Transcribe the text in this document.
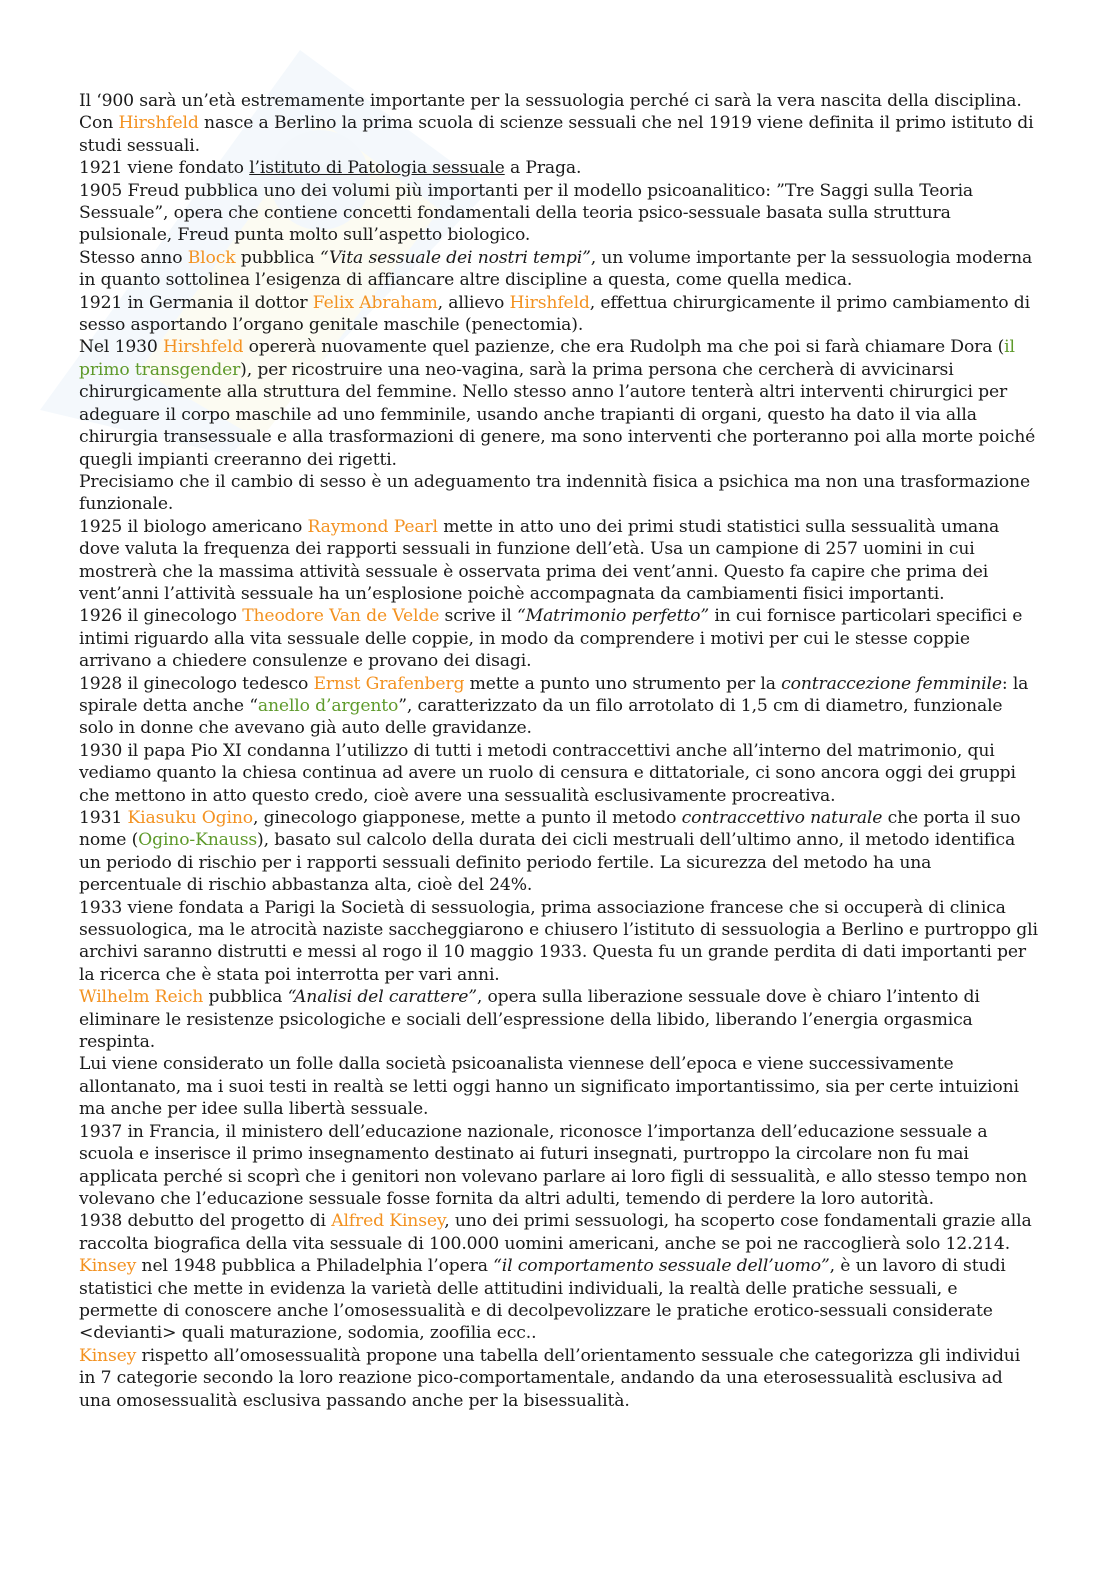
Il ‘900 sarà un’età estremamente importante per la sessuologia perché ci sarà la vera nascita della disciplina.

Con Hirshfeld nasce a Berlino la prima scuola di scienze sessuali che nel 1919 viene definita il primo istituto di studi sessuali.

1921 viene fondato l’istituto di Patologia sessuale a Praga.

1905 Freud pubblica uno dei volumi più importanti per il modello psicoanalitico: ”Tre Saggi sulla Teoria Sessuale”, opera che contiene concetti fondamentali della teoria psico-sessuale basata sulla struttura pulsionale, Freud punta molto sull’aspetto biologico.

Stesso anno Block pubblica “Vita sessuale dei nostri tempi”, un volume importante per la sessuologia moderna in quanto sottolinea l’esigenza di affiancare altre discipline a questa, come quella medica.

1921 in Germania il dottor Felix Abraham, allievo Hirshfeld, effettua chirurgicamente il primo cambiamento di sesso asportando l’organo genitale maschile (penectomia).

Nel 1930 Hirshfeld opererà nuovamente quel pazienze, che era Rudolph ma che poi si farà chiamare Dora (il primo transgender), per ricostruire una neo-vagina, sarà la prima persona che cercherà di avvicinarsi chirurgicamente alla struttura del femmine. Nello stesso anno l’autore tenterà altri interventi chirurgici per adeguare il corpo maschile ad uno femminile, usando anche trapianti di organi, questo ha dato il via alla chirurgia transessuale e alla trasformazioni di genere, ma sono interventi che porteranno poi alla morte poiché quegli impianti creeranno dei rigetti.

Precisiamo che il cambio di sesso è un adeguamento tra indennità fisica a psichica ma non una trasformazione funzionale.

1925 il biologo americano Raymond Pearl mette in atto uno dei primi studi statistici sulla sessualità umana dove valuta la frequenza dei rapporti sessuali in funzione dell’età. Usa un campione di 257 uomini in cui mostrerà che la massima attività sessuale è osservata prima dei vent’anni. Questo fa capire che prima dei vent’anni l’attività sessuale ha un’esplosione poichè accompagnata da cambiamenti fisici importanti.

1926 il ginecologo Theodore Van de Velde scrive il “Matrimonio perfetto” in cui fornisce particolari specifici e intimi riguardo alla vita sessuale delle coppie, in modo da comprendere i motivi per cui le stesse coppie arrivano a chiedere consulenze e provano dei disagi.

1928 il ginecologo tedesco Ernst Grafenberg mette a punto uno strumento per la contraccezione femminile: la spirale detta anche “anello d’argento”, caratterizzato da un filo arrotolato di 1,5 cm di diametro, funzionale solo in donne che avevano già auto delle gravidanze.

1930 il papa Pio XI condanna l’utilizzo di tutti i metodi contraccettivi anche all’interno del matrimonio, qui vediamo quanto la chiesa continua ad avere un ruolo di censura e dittatoriale, ci sono ancora oggi dei gruppi che mettono in atto questo credo, cioè avere una sessualità esclusivamente procreativa.

1931 Kiasuku Ogino, ginecologo giapponese, mette a punto il metodo contraccettivo naturale che porta il suo nome (Ogino-Knauss), basato sul calcolo della durata dei cicli mestruali dell’ultimo anno, il metodo identifica un periodo di rischio per i rapporti sessuali definito periodo fertile. La sicurezza del metodo ha una percentuale di rischio abbastanza alta, cioè del 24%.

1933 viene fondata a Parigi la Società di sessuologia, prima associazione francese che si occuperà di clinica sessuologica, ma le atrocità naziste saccheggiarono e chiusero l’istituto di sessuologia a Berlino e purtroppo gli archivi saranno distrutti e messi al rogo il 10 maggio 1933. Questa fu un grande perdita di dati importanti per la ricerca che è stata poi interrotta per vari anni.

Wilhelm Reich pubblica “Analisi del carattere”, opera sulla liberazione sessuale dove è chiaro l’intento di eliminare le resistenze psicologiche e sociali dell’espressione della libido, liberando l’energia orgasmica respinta.

Lui viene considerato un folle dalla società psicoanalista viennese dell’epoca e viene successivamente allontanato, ma i suoi testi in realtà se letti oggi hanno un significato importantissimo, sia per certe intuizioni ma anche per idee sulla libertà sessuale.

1937 in Francia, il ministero dell’educazione nazionale, riconosce l’importanza dell’educazione sessuale a scuola e inserisce il primo insegnamento destinato ai futuri insegnati, purtroppo la circolare non fu mai applicata perché si scoprì che i genitori non volevano parlare ai loro figli di sessualità, e allo stesso tempo non volevano che l’educazione sessuale fosse fornita da altri adulti, temendo di perdere la loro autorità.

1938 debutto del progetto di Alfred Kinsey, uno dei primi sessuologi, ha scoperto cose fondamentali grazie alla raccolta biografica della vita sessuale di 100.000 uomini americani, anche se poi ne raccoglierà solo 12.214.

Kinsey nel 1948 pubblica a Philadelphia l’opera “il comportamento sessuale dell’uomo”, è un lavoro di studi statistici che mette in evidenza la varietà delle attitudini individuali, la realtà delle pratiche sessuali, e permette di conoscere anche l’omosessualità e di decolpevolizzare le pratiche erotico-sessuali considerate <devianti> quali maturazione, sodomia, zoofilia ecc..

Kinsey rispetto all’omosessualità propone una tabella dell’orientamento sessuale che categorizza gli individui in 7 categorie secondo la loro reazione pico-comportamentale, andando da una eterosessualità esclusiva ad una omosessualità esclusiva passando anche per la bisessualità.
